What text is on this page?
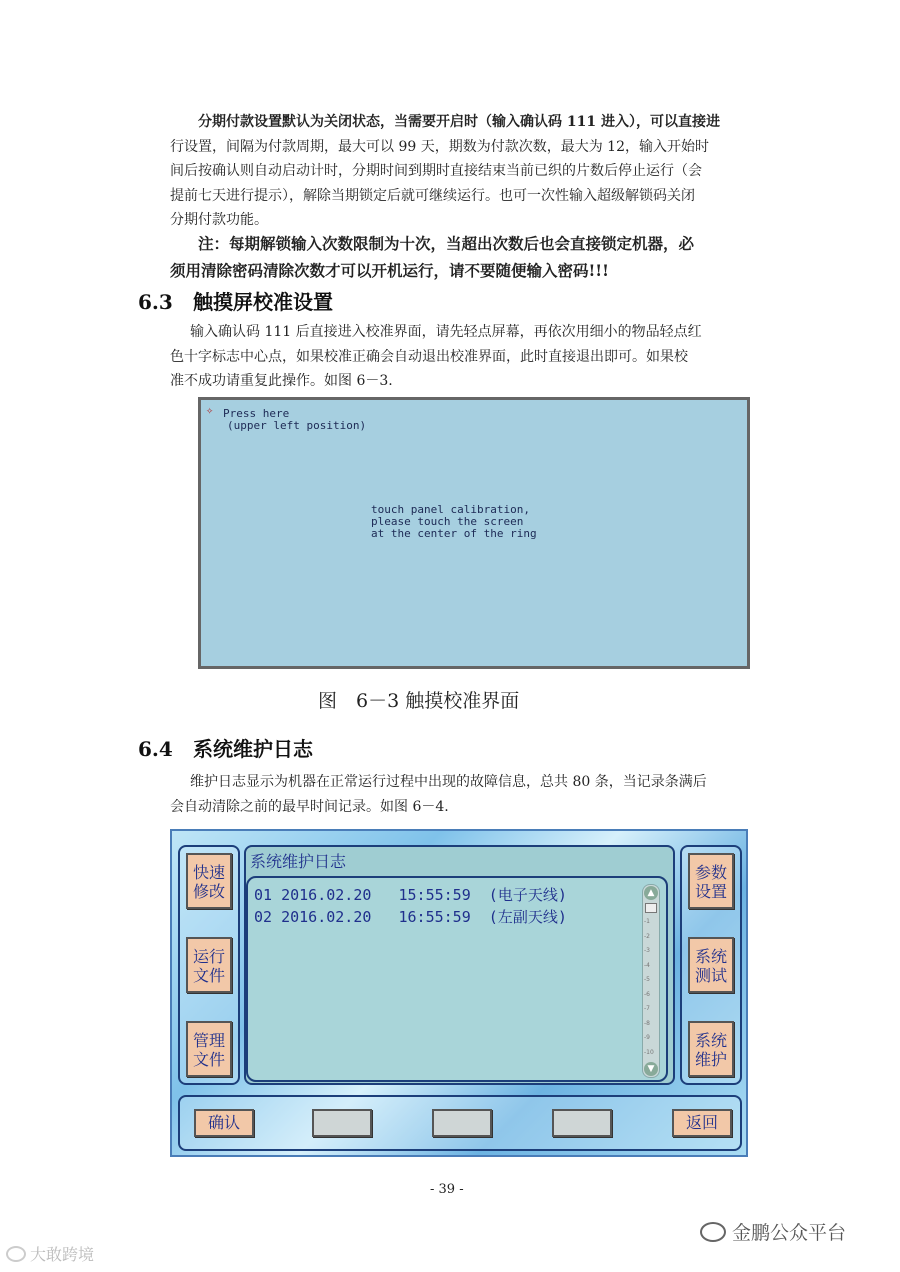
分期付款设置默认为关闭状态，当需要开启时（输入确认码 111 进入），可以直接进
行设置，间隔为付款周期，最大可以 99 天，期数为付款次数，最大为 12，输入开始时
间后按确认则自动启动计时，分期时间到期时直接结束当前已织的片数后停止运行（会
提前七天进行提示），解除当期锁定后就可继续运行。也可一次性输入超级解锁码关闭
分期付款功能。
注：每期解锁输入次数限制为十次，当超出次数后也会直接锁定机器，必
须用清除密码清除次数才可以开机运行，请不要随便输入密码!!!
6.3 触摸屏校准设置
输入确认码 111 后直接进入校准界面，请先轻点屏幕，再依次用细小的物品轻点红
色十字标志中心点，如果校准正确会自动退出校准界面，此时直接退出即可。如果校
准不成功请重复此操作。如图 6－3.
✧ Press here
(upper left position)
touch panel calibration,
please touch the screen
at the center of the ring
图　6－3 触摸校准界面
6.4 系统维护日志
维护日志显示为机器在正常运行过程中出现的故障信息，总共 80 条，当记录条满后
会自动清除之前的最早时间记录。如图 6－4.
快速
修改
运行
文件
管理
文件
系统维护日志
01 2016.02.20   15:55:59  (电子天线)
02 2016.02.20   16:55:59  (左副天线)
▲
-1
-2
-3
-4
-5
-6
-7
-8
-9
-10
▼
参数
设置
系统
测试
系统
维护
确认	返回
- 39 -
金鹏公众平台
大敢跨境
